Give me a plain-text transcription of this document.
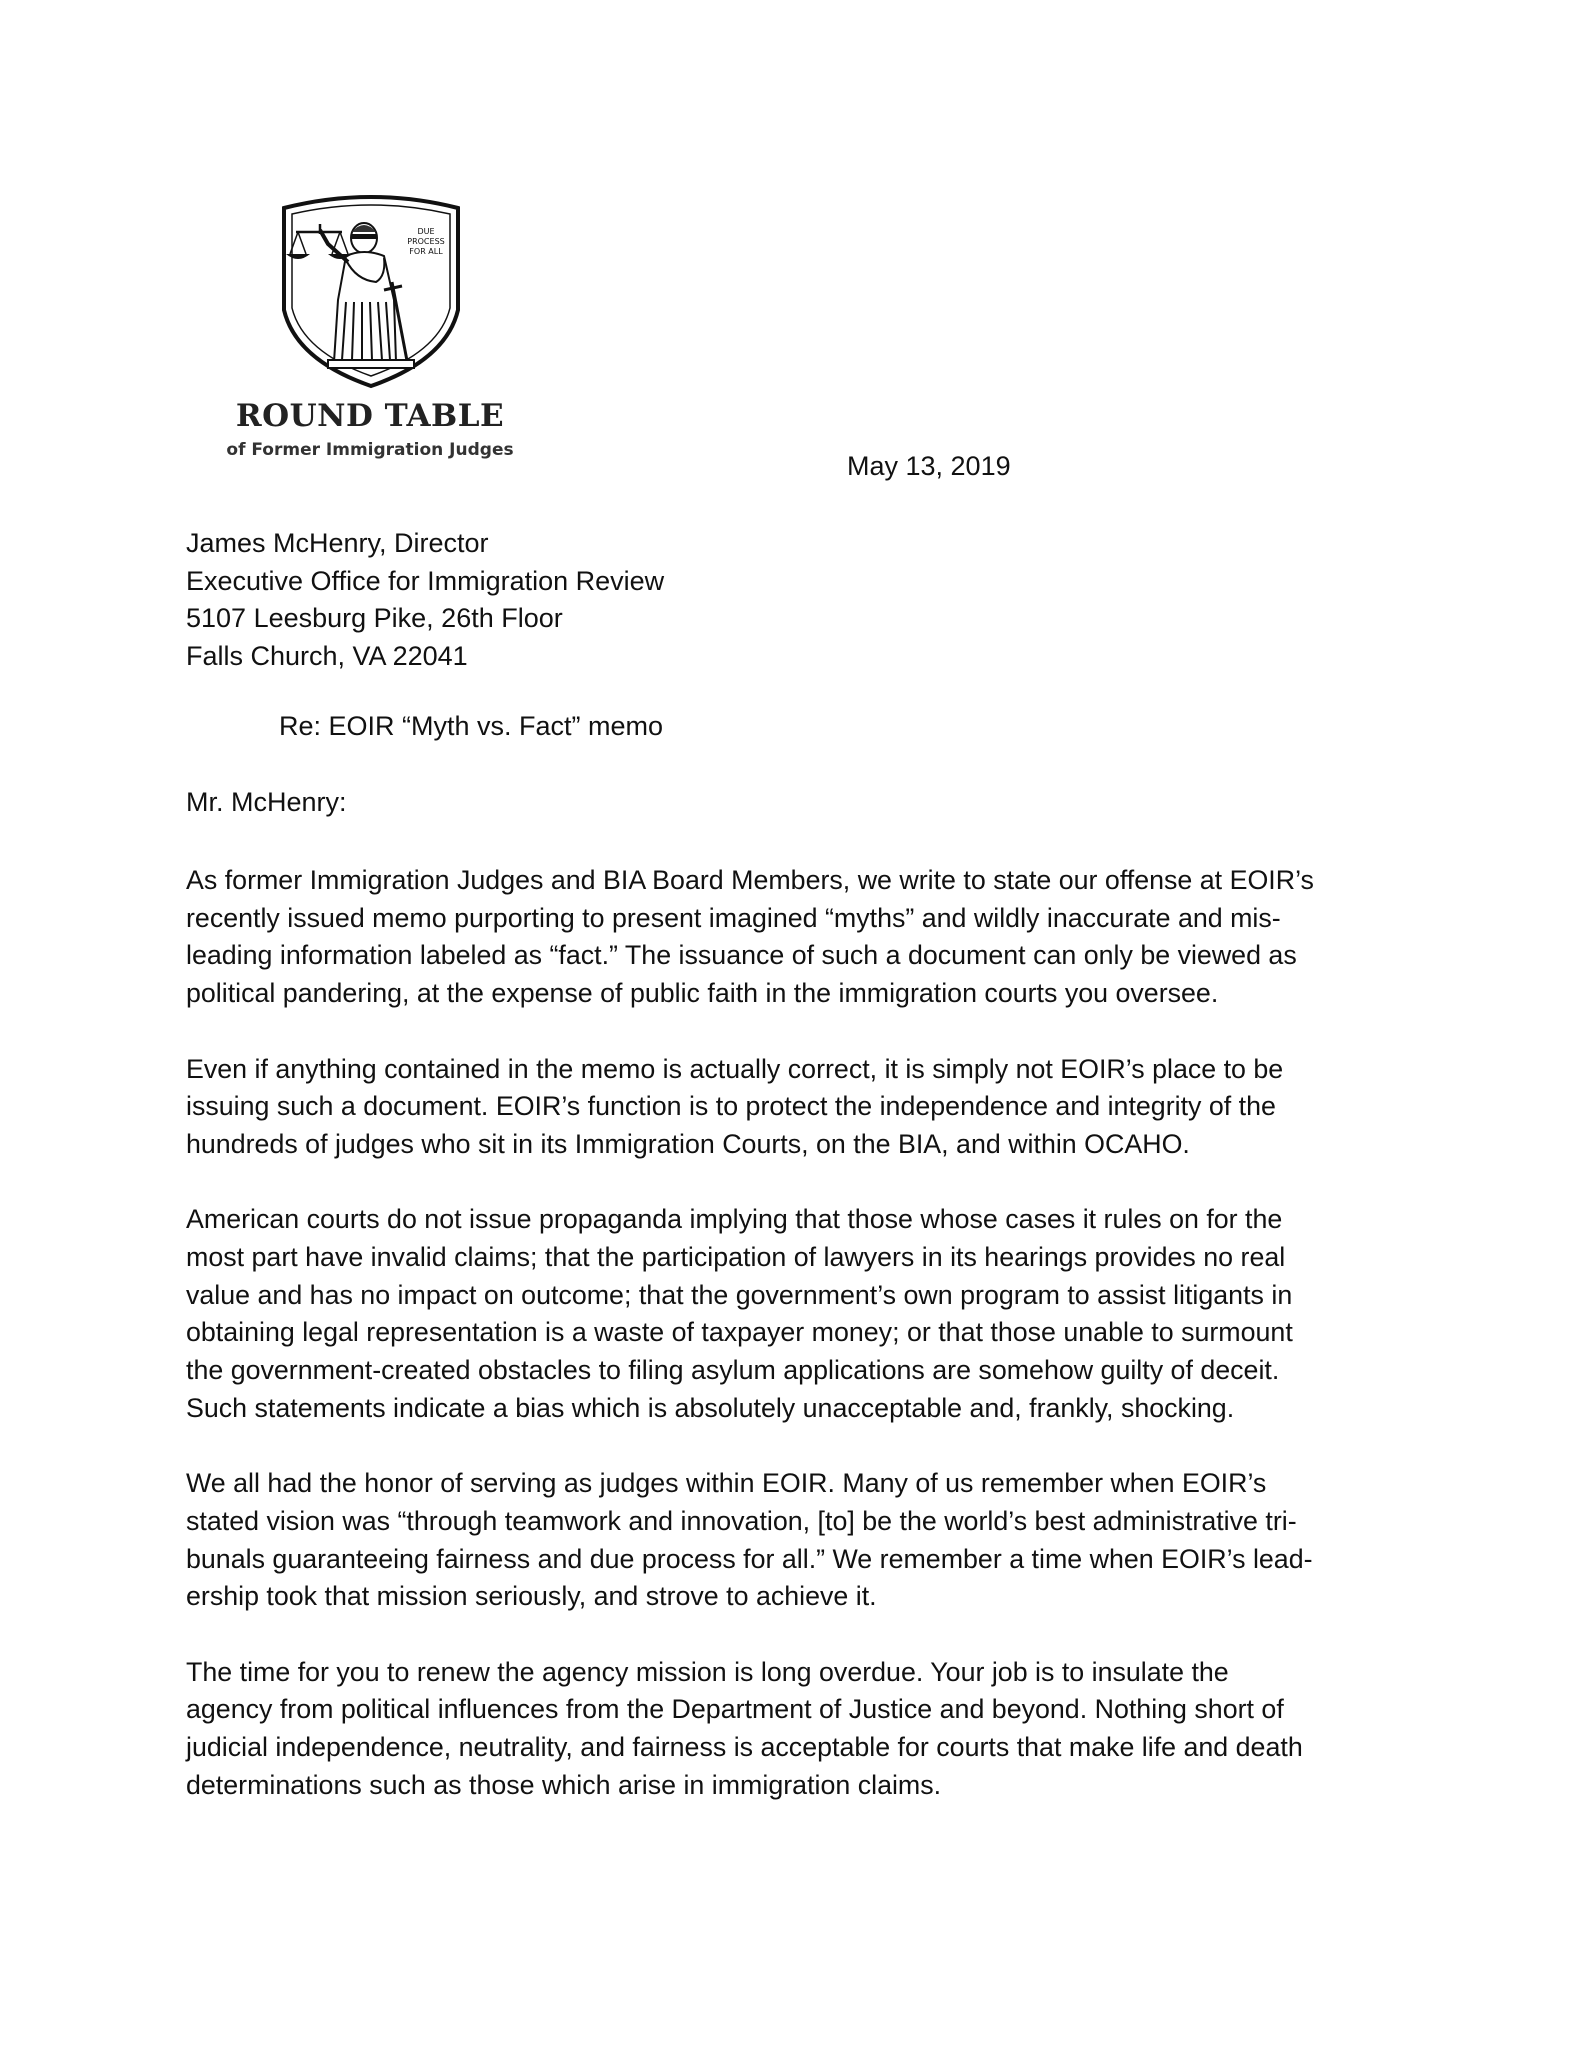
DUE
PROCESS
FOR ALL
ROUND TABLE
of Former Immigration Judges
May 13, 2019
James McHenry, Director
Executive Office for Immigration Review
5107 Leesburg Pike, 26th Floor
Falls Church, VA 22041
Re: EOIR “Myth vs. Fact” memo
Mr. McHenry:

As former Immigration Judges and BIA Board Members, we write to state our offense at EOIR’s
recently issued memo purporting to present imagined “myths” and wildly inaccurate and mis-
leading information labeled as “fact.” The issuance of such a document can only be viewed as
political pandering, at the expense of public faith in the immigration courts you oversee.

Even if anything contained in the memo is actually correct, it is simply not EOIR’s place to be
issuing such a document. EOIR’s function is to protect the independence and integrity of the
hundreds of judges who sit in its Immigration Courts, on the BIA, and within OCAHO.

American courts do not issue propaganda implying that those whose cases it rules on for the
most part have invalid claims; that the participation of lawyers in its hearings provides no real
value and has no impact on outcome; that the government’s own program to assist litigants in
obtaining legal representation is a waste of taxpayer money; or that those unable to surmount
the government-created obstacles to filing asylum applications are somehow guilty of deceit.
Such statements indicate a bias which is absolutely unacceptable and, frankly, shocking.

We all had the honor of serving as judges within EOIR. Many of us remember when EOIR’s
stated vision was “through teamwork and innovation, [to] be the world’s best administrative tri-
bunals guaranteeing fairness and due process for all.” We remember a time when EOIR’s lead-
ership took that mission seriously, and strove to achieve it.

The time for you to renew the agency mission is long overdue. Your job is to insulate the
agency from political influences from the Department of Justice and beyond. Nothing short of
judicial independence, neutrality, and fairness is acceptable for courts that make life and death
determinations such as those which arise in immigration claims.
